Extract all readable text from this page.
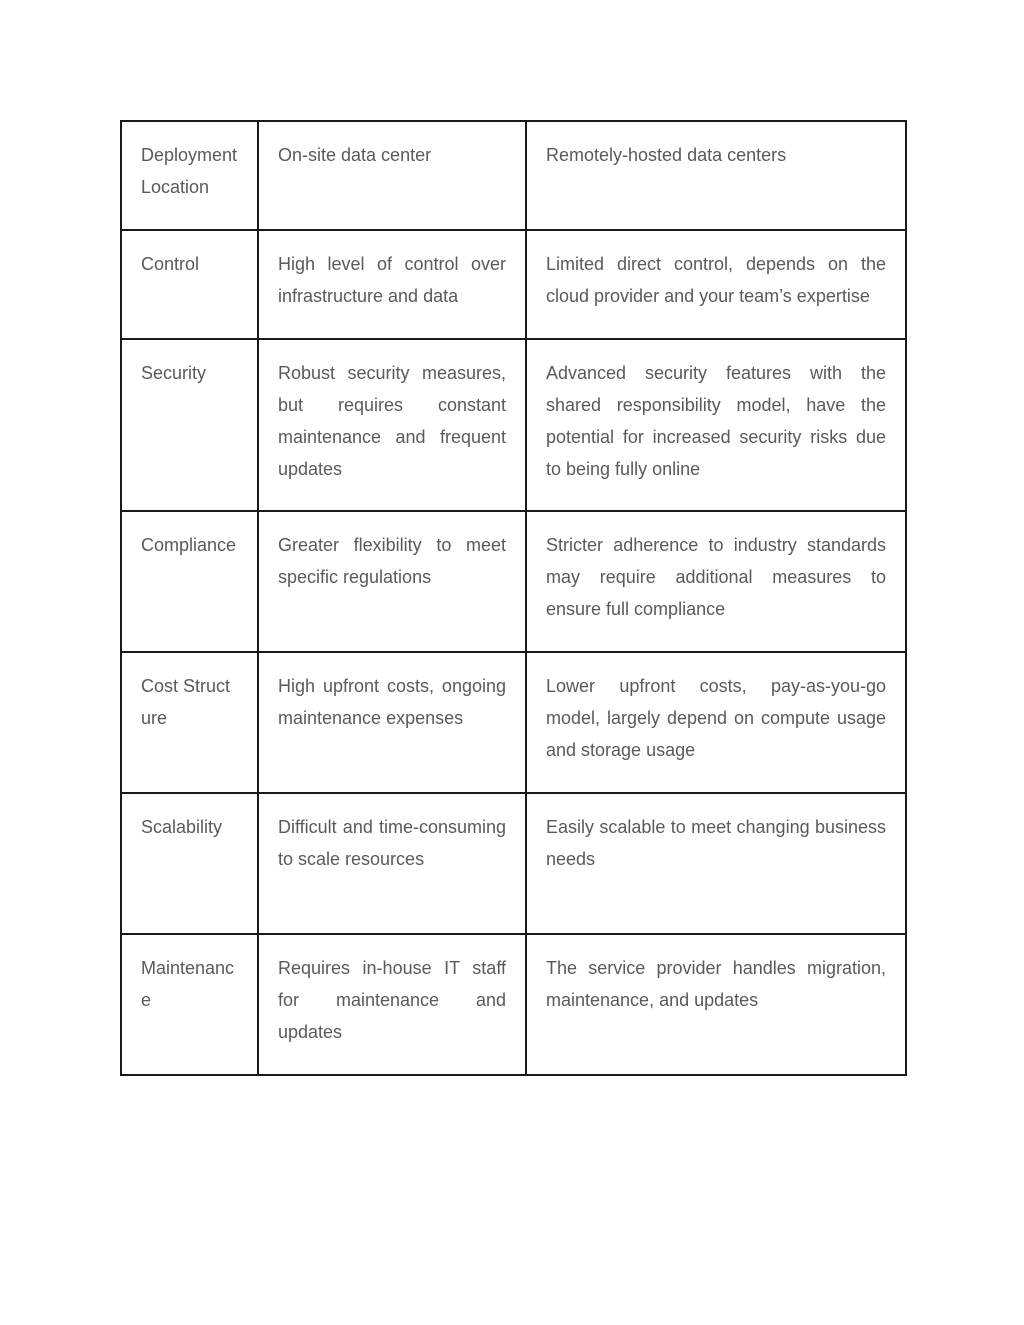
Deployment Location	On-site data center	Remotely-hosted data centers
Control	High level of control over infrastructure and data	Limited direct control, depends on the cloud provider and your team’s expertise
Security	Robust security measures, but requires constant maintenance and frequent updates	Advanced security features with the shared responsibility model, have the potential for increased security risks due to being fully online
Compliance	Greater flexibility to meet specific regulations	Stricter adherence to industry standards may require additional measures to ensure full compliance
Cost Structure	High upfront costs, ongoing maintenance expenses	Lower upfront costs, pay-as-you-go model, largely depend on compute usage and storage usage
Scalability	Difficult and time-consuming to scale resources	Easily scalable to meet changing business needs
Maintenance	Requires in-house IT staff for maintenance and updates	The service provider handles migration, maintenance, and updates
